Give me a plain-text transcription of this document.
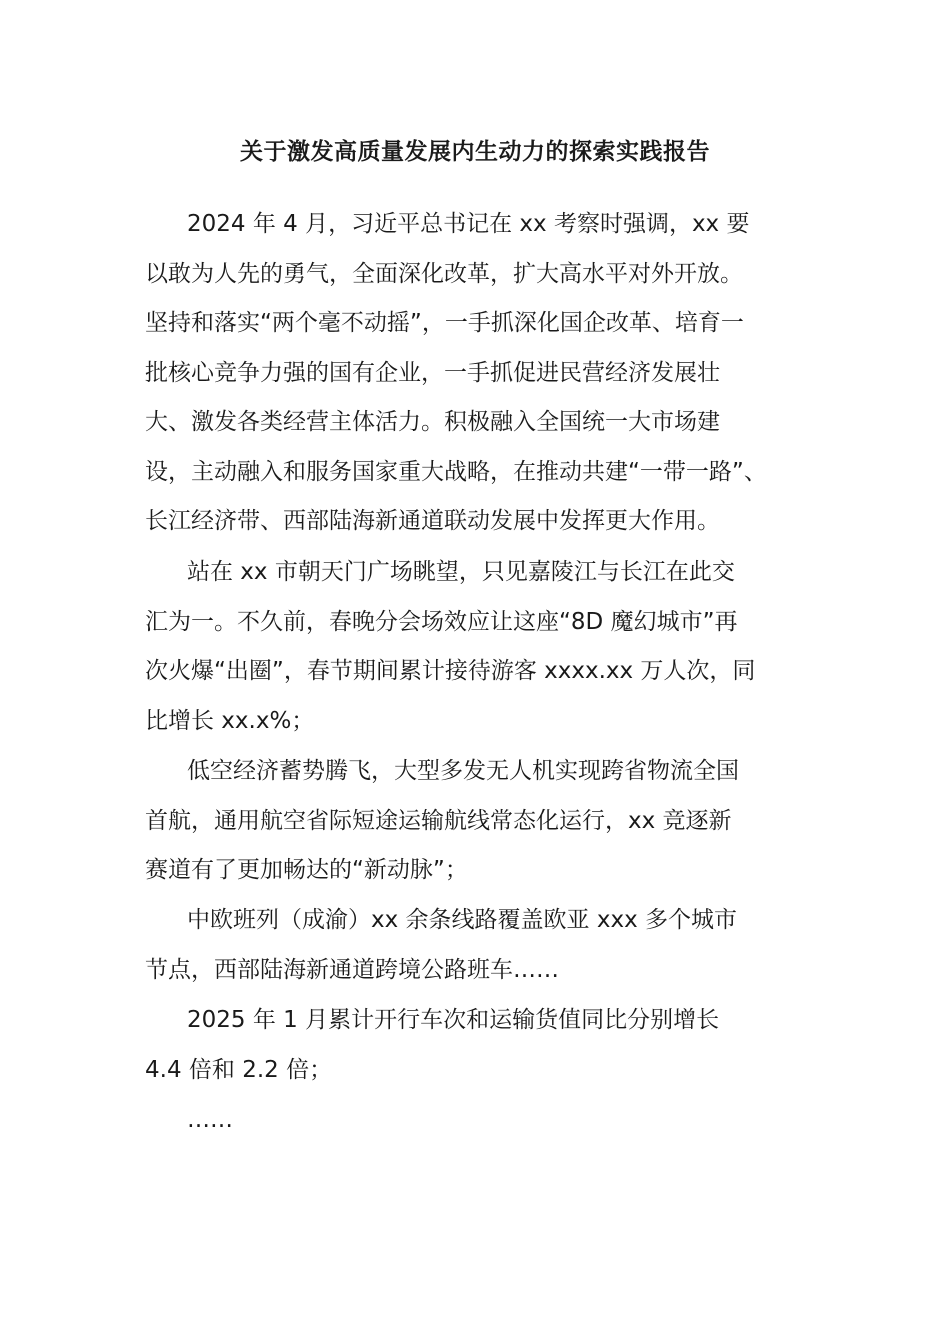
关于激发高质量发展内生动力的探索实践报告
2024 年 4 月，习近平总书记在 xx 考察时强调，xx 要
以敢为人先的勇气，全面深化改革，扩大高水平对外开放。
坚持和落实“两个毫不动摇”，一手抓深化国企改革、培育一
批核心竞争力强的国有企业，一手抓促进民营经济发展壮
大、激发各类经营主体活力。积极融入全国统一大市场建
设，主动融入和服务国家重大战略，在推动共建“一带一路”、
长江经济带、西部陆海新通道联动发展中发挥更大作用。
站在 xx 市朝天门广场眺望，只见嘉陵江与长江在此交
汇为一。不久前，春晚分会场效应让这座“8D 魔幻城市”再
次火爆“出圈”，春节期间累计接待游客 xxxx.xx 万人次，同
比增长 xx.x%；
低空经济蓄势腾飞，大型多发无人机实现跨省物流全国
首航，通用航空省际短途运输航线常态化运行，xx 竞逐新
赛道有了更加畅达的“新动脉”；
中欧班列（成渝）xx 余条线路覆盖欧亚 xxx 多个城市
节点，西部陆海新通道跨境公路班车……
2025 年 1 月累计开行车次和运输货值同比分别增长
4.4 倍和 2.2 倍；
……
